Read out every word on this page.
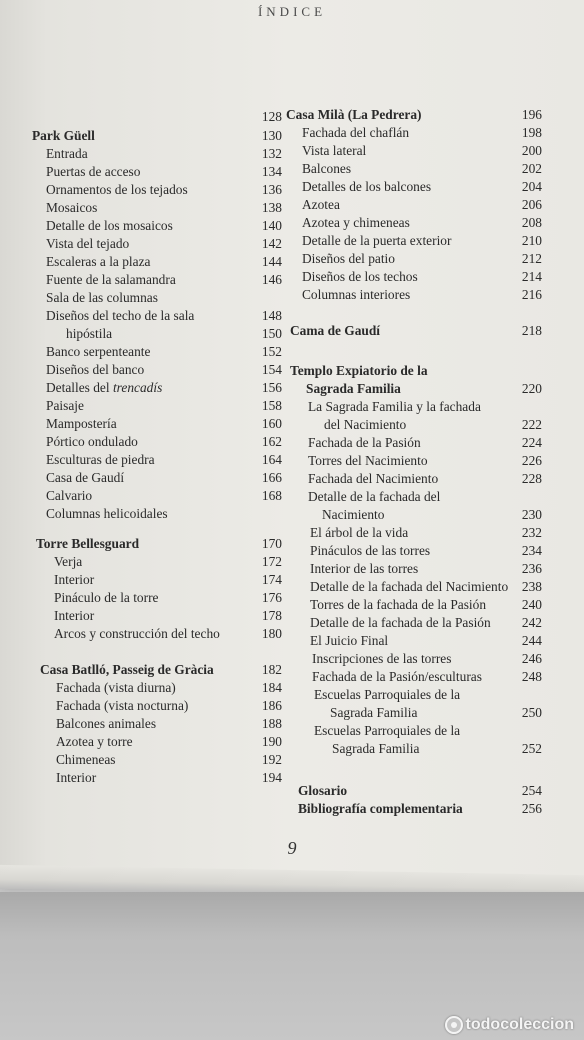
ÍNDICE
128
Park Güell	130
Entrada	132
Puertas de acceso	134
Ornamentos de los tejados	136
Mosaicos	138
Detalle de los mosaicos	140
Vista del tejado	142
Escaleras a la plaza	144
Fuente de la salamandra	146
Sala de las columnas
Diseños del techo de la sala	148
hipóstila	150
Banco serpenteante	152
Diseños del banco	154
Detalles del trencadís	156
Paisaje	158
Mampostería	160
Pórtico ondulado	162
Esculturas de piedra	164
Casa de Gaudí	166
Calvario	168
Columnas helicoidales
Torre Bellesguard	170
Verja	172
Interior	174
Pináculo de la torre	176
Interior	178
Arcos y construcción del techo	180
Casa Batlló, Passeig de Gràcia	182
Fachada (vista diurna)	184
Fachada (vista nocturna)	186
Balcones animales	188
Azotea y torre	190
Chimeneas	192
Interior	194
Casa Milà (La Pedrera)	196
Fachada del chaflán	198
Vista lateral	200
Balcones	202
Detalles de los balcones	204
Azotea	206
Azotea y chimeneas	208
Detalle de la puerta exterior	210
Diseños del patio	212
Diseños de los techos	214
Columnas interiores	216
Cama de Gaudí	218
Templo Expiatorio de la
Sagrada Familia	220
La Sagrada Familia y la fachada
del Nacimiento	222
Fachada de la Pasión	224
Torres del Nacimiento	226
Fachada del Nacimiento	228
Detalle de la fachada del
Nacimiento	230
El árbol de la vida	232
Pináculos de las torres	234
Interior de las torres	236
Detalle de la fachada del Nacimiento 238
Torres de la fachada de la Pasión	240
Detalle de la fachada de la Pasión 242
El Juicio Final	244
Inscripciones de las torres	246
Fachada de la Pasión/esculturas	248
Escuelas Parroquiales de la
Sagrada Familia	250
Escuelas Parroquiales de la
Sagrada Familia	252
Glosario	254
Bibliografía complementaria	256
9
todocoleccion
